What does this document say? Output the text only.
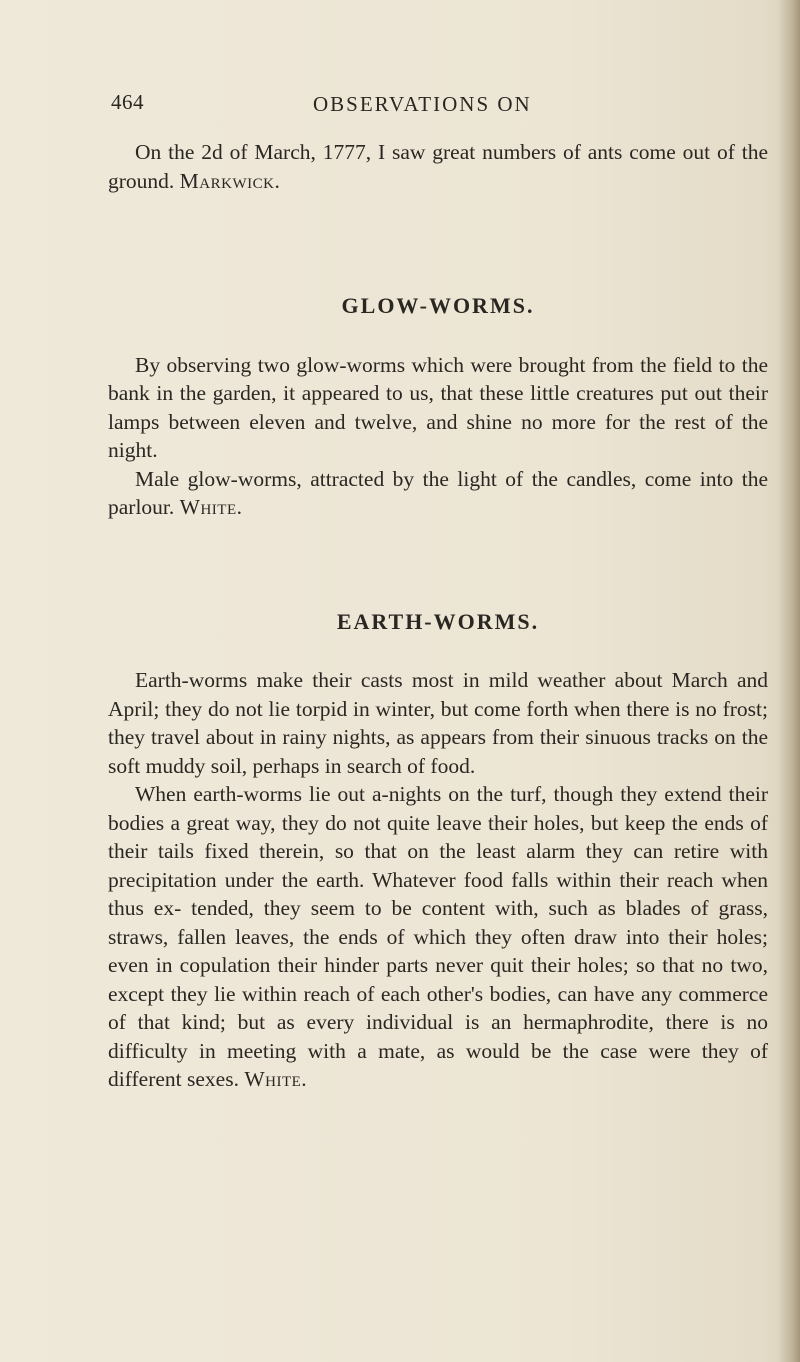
464	OBSERVATIONS ON

On the 2d of March, 1777, I saw great numbers of ants come out of the ground. Markwick.

GLOW-WORMS.

By observing two glow-worms which were brought from the field to the bank in the garden, it appeared to us, that these little creatures put out their lamps between eleven and twelve, and shine no more for the rest of the night.

Male glow-worms, attracted by the light of the candles, come into the parlour. White.

EARTH-WORMS.

Earth-worms make their casts most in mild weather about March and April; they do not lie torpid in winter, but come forth when there is no frost; they travel about in rainy nights, as appears from their sinuous tracks on the soft muddy soil, perhaps in search of food.

When earth-worms lie out a-nights on the turf, though they extend their bodies a great way, they do not quite leave their holes, but keep the ends of their tails fixed therein, so that on the least alarm they can retire with precipitation under the earth. Whatever food falls within their reach when thus ex- tended, they seem to be content with, such as blades of grass, straws, fallen leaves, the ends of which they often draw into their holes; even in copulation their hinder parts never quit their holes; so that no two, except they lie within reach of each other's bodies, can have any commerce of that kind; but as every individual is an hermaphrodite, there is no difficulty in meeting with a mate, as would be the case were they of different sexes. White.
